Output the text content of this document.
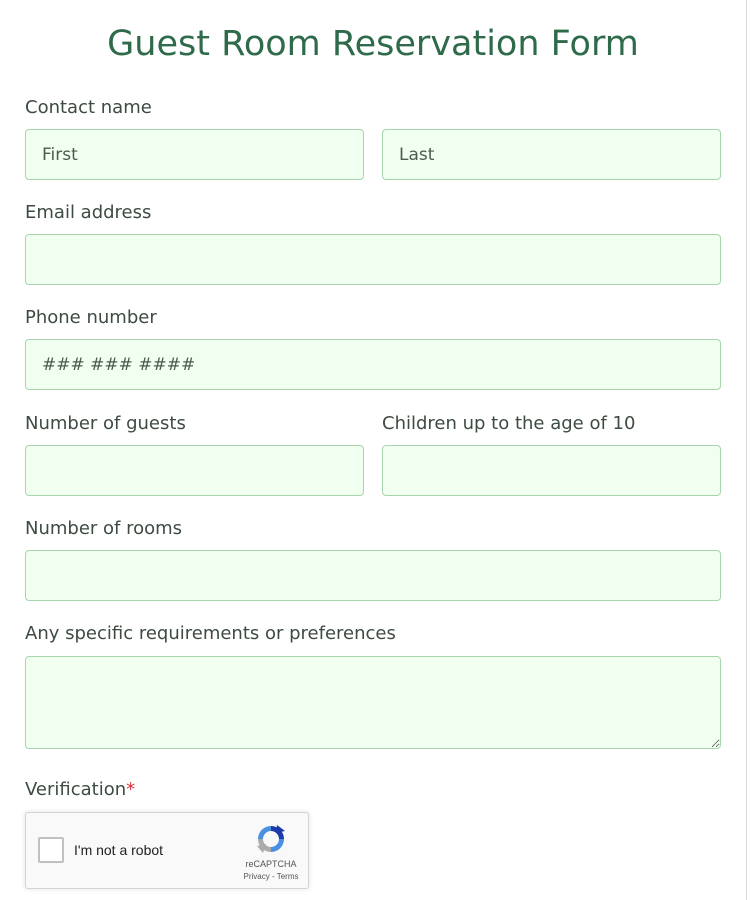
Guest Room Reservation Form
Contact name
First
Last
Email address
Phone number
### ### ####
Number of guests	Children up to the age of 10
Number of rooms
Any specific requirements or preferences
Verification*
I'm not a robot
reCAPTCHA
Privacy - Terms
